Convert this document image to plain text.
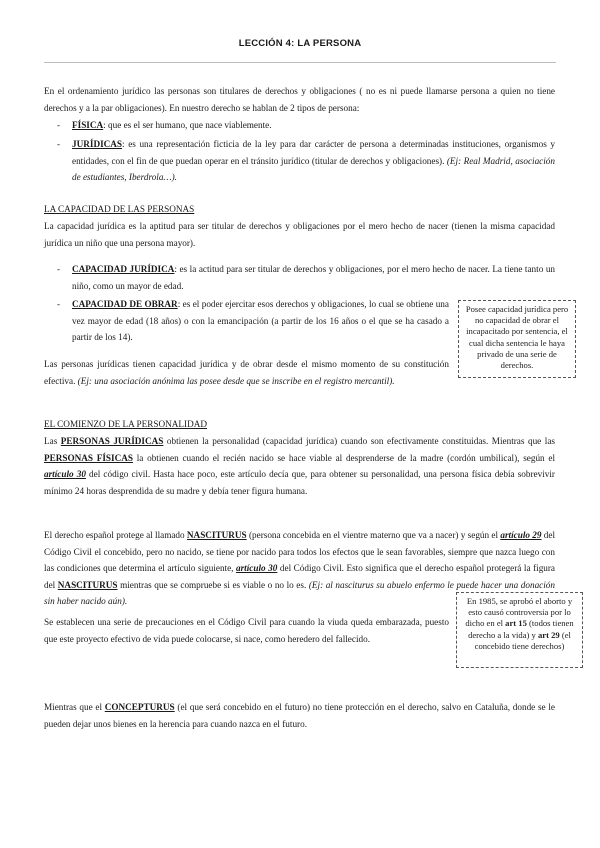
LECCIÓN 4: LA PERSONA

En el ordenamiento jurídico las personas son titulares de derechos y obligaciones ( no es ni puede llamarse persona a quien no tiene derechos y a la par obligaciones). En nuestro derecho se hablan de 2 tipos de persona:

- FÍSICA: que es el ser humano, que nace viablemente.

- JURÍDICAS: es una representación ficticia de la ley para dar carácter de persona a determinadas instituciones, organismos y entidades, con el fin de que puedan operar en el tránsito jurídico (titular de derechos y obligaciones). (Ej: Real Madrid, asociación de estudiantes, Iberdrola…).

LA CAPACIDAD DE LAS PERSONAS

La capacidad jurídica es la aptitud para ser titular de derechos y obligaciones por el mero hecho de nacer (tienen la misma capacidad jurídica un niño que una persona mayor).

- CAPACIDAD JURÍDICA: es la actitud para ser titular de derechos y obligaciones, por el mero hecho de nacer. La tiene tanto un niño, como un mayor de edad.

- CAPACIDAD DE OBRAR: es el poder ejercitar esos derechos y obligaciones, lo cual se obtiene una vez mayor de edad (18 años) o con la emancipación (a partir de los 16 años o el que se ha casado a partir de los 14).

Posee capacidad jurídica pero no capacidad de obrar el incapacitado por sentencia, el cual dicha sentencia le haya privado de una serie de derechos.

Las personas jurídicas tienen capacidad jurídica y de obrar desde el mismo momento de su constitución efectiva. (Ej: una asociación anónima las posee desde que se inscribe en el registro mercantil).

EL COMIENZO DE LA PERSONALIDAD

Las PERSONAS JURÍDICAS obtienen la personalidad (capacidad jurídica) cuando son efectivamente constituidas. Mientras que las PERSONAS FÍSICAS la obtienen cuando el recién nacido se hace viable al desprenderse de la madre (cordón umbilical), según el artículo 30 del código civil. Hasta hace poco, este artículo decía que, para obtener su personalidad, una persona física debía sobrevivir mínimo 24 horas desprendida de su madre y debía tener figura humana.

El derecho español protege al llamado NASCITURUS (persona concebida en el vientre materno que va a nacer) y según el artículo 29 del Código Civil el concebido, pero no nacido, se tiene por nacido para todos los efectos que le sean favorables, siempre que nazca luego con las condiciones que determina el artículo siguiente, artículo 30 del Código Civil. Esto significa que el derecho español protegerá la figura del NASCITURUS mientras que se compruebe si es viable o no lo es. (Ej: al nasciturus su abuelo enfermo le puede hacer una donación sin haber nacido aún).	En 1985, se aprobó el aborto y esto causó controversia por lo dicho en el art 15 (todos tienen derecho a la vida) y art 29 (el concebido tiene derechos)

Se establecen una serie de precauciones en el Código Civil para cuando la viuda queda embarazada, puesto que este proyecto efectivo de vida puede colocarse, si nace, como heredero del fallecido.

Mientras que el CONCEPTURUS (el que será concebido en el futuro) no tiene protección en el derecho, salvo en Cataluña, donde se le pueden dejar unos bienes en la herencia para cuando nazca en el futuro.
